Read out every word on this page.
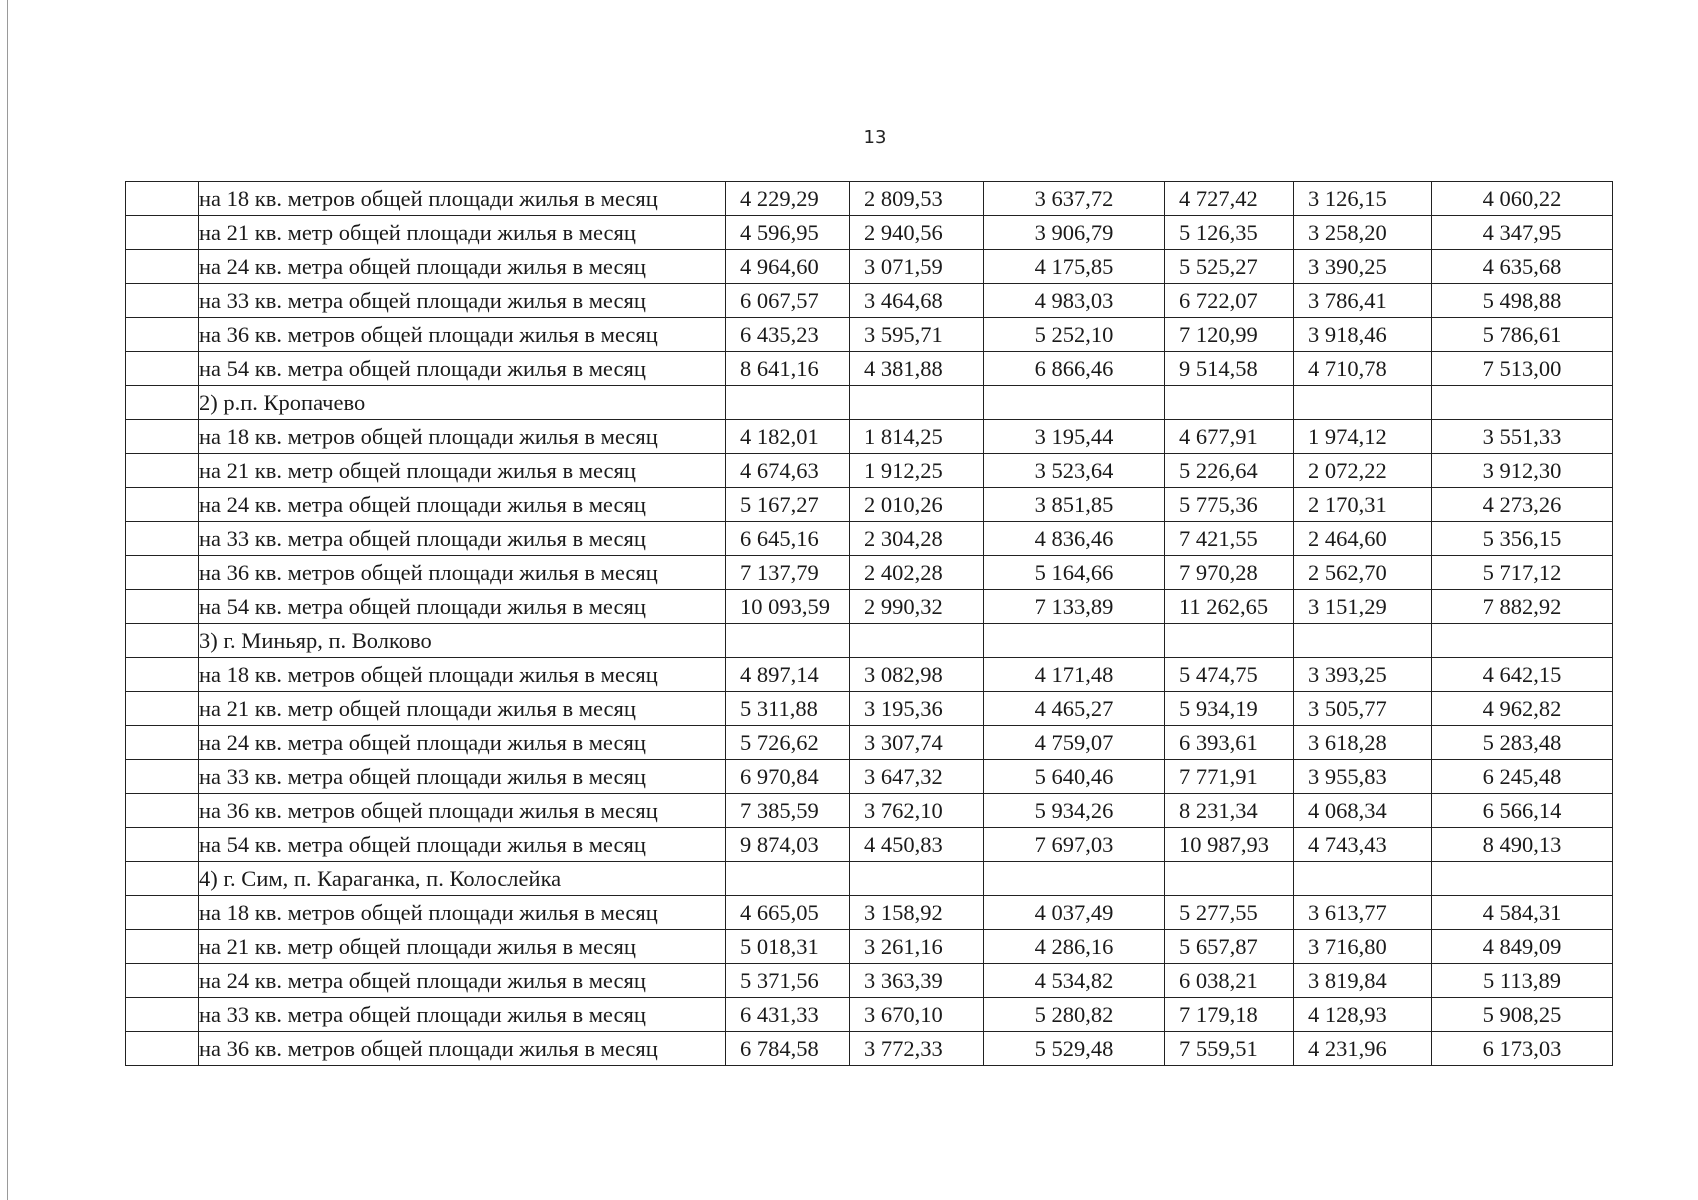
13
	на 18 кв. метров общей площади жилья в месяц	4 229,29	2 809,53	3 637,72	4 727,42	3 126,15	4 060,22
	на 21 кв. метр общей площади жилья в месяц	4 596,95	2 940,56	3 906,79	5 126,35	3 258,20	4 347,95
	на 24 кв. метра общей площади жилья в месяц	4 964,60	3 071,59	4 175,85	5 525,27	3 390,25	4 635,68
	на 33 кв. метра общей площади жилья в месяц	6 067,57	3 464,68	4 983,03	6 722,07	3 786,41	5 498,88
	на 36 кв. метров общей площади жилья в месяц	6 435,23	3 595,71	5 252,10	7 120,99	3 918,46	5 786,61
	на 54 кв. метра общей площади жилья в месяц	8 641,16	4 381,88	6 866,46	9 514,58	4 710,78	7 513,00
	2) р.п. Кропачево						
	на 18 кв. метров общей площади жилья в месяц	4 182,01	1 814,25	3 195,44	4 677,91	1 974,12	3 551,33
	на 21 кв. метр общей площади жилья в месяц	4 674,63	1 912,25	3 523,64	5 226,64	2 072,22	3 912,30
	на 24 кв. метра общей площади жилья в месяц	5 167,27	2 010,26	3 851,85	5 775,36	2 170,31	4 273,26
	на 33 кв. метра общей площади жилья в месяц	6 645,16	2 304,28	4 836,46	7 421,55	2 464,60	5 356,15
	на 36 кв. метров общей площади жилья в месяц	7 137,79	2 402,28	5 164,66	7 970,28	2 562,70	5 717,12
	на 54 кв. метра общей площади жилья в месяц	10 093,59	2 990,32	7 133,89	11 262,65	3 151,29	7 882,92
	3) г. Миньяр, п. Волково						
	на 18 кв. метров общей площади жилья в месяц	4 897,14	3 082,98	4 171,48	5 474,75	3 393,25	4 642,15
	на 21 кв. метр общей площади жилья в месяц	5 311,88	3 195,36	4 465,27	5 934,19	3 505,77	4 962,82
	на 24 кв. метра общей площади жилья в месяц	5 726,62	3 307,74	4 759,07	6 393,61	3 618,28	5 283,48
	на 33 кв. метра общей площади жилья в месяц	6 970,84	3 647,32	5 640,46	7 771,91	3 955,83	6 245,48
	на 36 кв. метров общей площади жилья в месяц	7 385,59	3 762,10	5 934,26	8 231,34	4 068,34	6 566,14
	на 54 кв. метра общей площади жилья в месяц	9 874,03	4 450,83	7 697,03	10 987,93	4 743,43	8 490,13
	4) г. Сим, п. Караганка, п. Колослейка						
	на 18 кв. метров общей площади жилья в месяц	4 665,05	3 158,92	4 037,49	5 277,55	3 613,77	4 584,31
	на 21 кв. метр общей площади жилья в месяц	5 018,31	3 261,16	4 286,16	5 657,87	3 716,80	4 849,09
	на 24 кв. метра общей площади жилья в месяц	5 371,56	3 363,39	4 534,82	6 038,21	3 819,84	5 113,89
	на 33 кв. метра общей площади жилья в месяц	6 431,33	3 670,10	5 280,82	7 179,18	4 128,93	5 908,25
	на 36 кв. метров общей площади жилья в месяц	6 784,58	3 772,33	5 529,48	7 559,51	4 231,96	6 173,03
